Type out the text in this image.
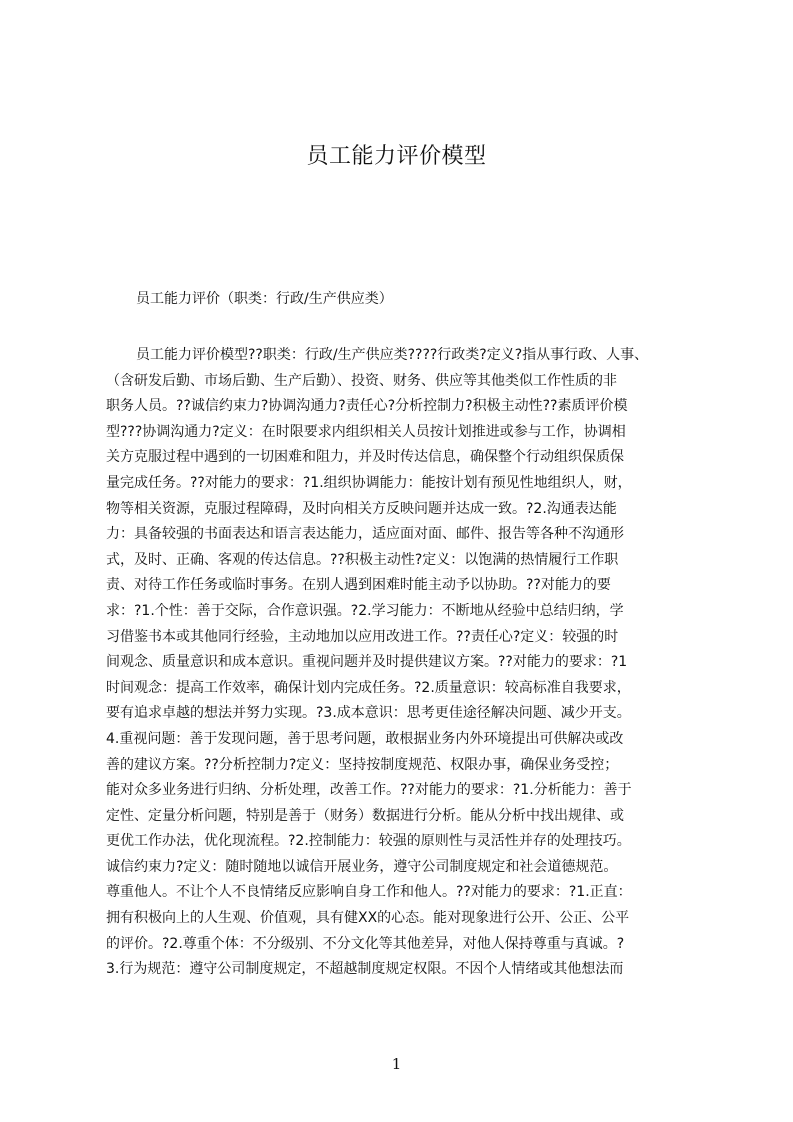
员工能力评价模型
员工能力评价（职类：行政/生产供应类）
员工能力评价模型??职类：行政/生产供应类????行政类?定义?指从事行政、人事、
（含研发后勤、市场后勤、生产后勤）、投资、财务、供应等其他类似工作性质的非
职务人员。??诚信约束力?协调沟通力?责任心?分析控制力?积极主动性??素质评价模
型???协调沟通力?定义：在时限要求内组织相关人员按计划推进或参与工作，协调相
关方克服过程中遇到的一切困难和阻力，并及时传达信息，确保整个行动组织保质保
量完成任务。??对能力的要求：?1.组织协调能力：能按计划有预见性地组织人，财，
物等相关资源，克服过程障碍，及时向相关方反映问题并达成一致。?2.沟通表达能
力：具备较强的书面表达和语言表达能力，适应面对面、邮件、报告等各种不沟通形
式，及时、正确、客观的传达信息。??积极主动性?定义：以饱满的热情履行工作职
责、对待工作任务或临时事务。在别人遇到困难时能主动予以协助。??对能力的要
求：?1.个性：善于交际，合作意识强。?2.学习能力：不断地从经验中总结归纳，学
习借鉴书本或其他同行经验，主动地加以应用改进工作。??责任心?定义：较强的时
间观念、质量意识和成本意识。重视问题并及时提供建议方案。??对能力的要求：?1
时间观念：提高工作效率，确保计划内完成任务。?2.质量意识：较高标准自我要求，
要有追求卓越的想法并努力实现。?3.成本意识：思考更佳途径解决问题、减少开支。
4.重视问题：善于发现问题，善于思考问题，敢根据业务内外环境提出可供解决或改
善的建议方案。??分析控制力?定义：坚持按制度规范、权限办事，确保业务受控；
能对众多业务进行归纳、分析处理，改善工作。??对能力的要求：?1.分析能力：善于
定性、定量分析问题，特别是善于（财务）数据进行分析。能从分析中找出规律、或
更优工作办法，优化现流程。?2.控制能力：较强的原则性与灵活性并存的处理技巧。
诚信约束力?定义：随时随地以诚信开展业务，遵守公司制度规定和社会道德规范。
尊重他人。不让个人不良情绪反应影响自身工作和他人。??对能力的要求：?1.正直：
拥有积极向上的人生观、价值观，具有健XX的心态。能对现象进行公开、公正、公平
的评价。?2.尊重个体：不分级别、不分文化等其他差异，对他人保持尊重与真诚。?
3.行为规范：遵守公司制度规定，不超越制度规定权限。不因个人情绪或其他想法而
1
